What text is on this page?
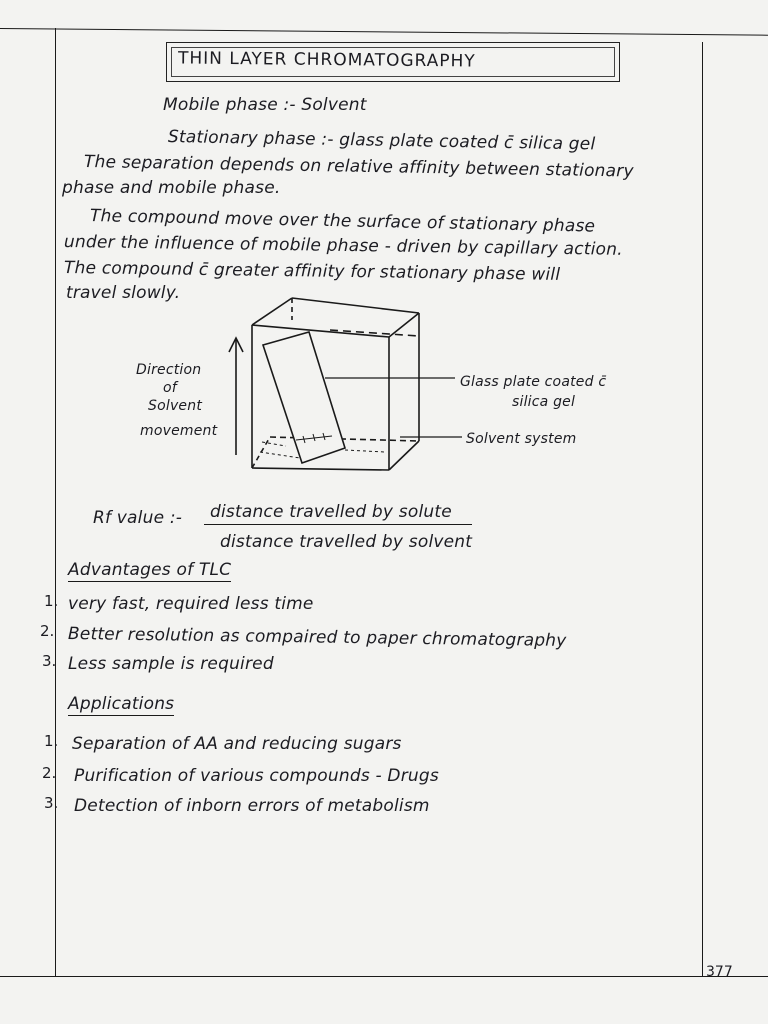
THIN LAYER CHROMATOGRAPHY
Mobile phase :- Solvent
Stationary phase :- glass plate coated c̄ silica gel
The separation depends on relative affinity between stationary
phase and mobile phase.
The compound move over the surface of stationary phase
under the influence of mobile phase - driven by capillary action.
The compound c̄ greater affinity for stationary phase will
travel slowly.
Direction
of
Solvent
movement
Glass plate coated c̄
silica gel
Solvent system
Rf value :- distance travelled by solute
distance travelled by solvent
Advantages of TLC
1. very fast, required less time
2. Better resolution as compaired to paper chromatography
3. Less sample is required
Applications
1. Separation of AA and reducing sugars
2. Purification of various compounds - Drugs
3. Detection of inborn errors of metabolism
377
